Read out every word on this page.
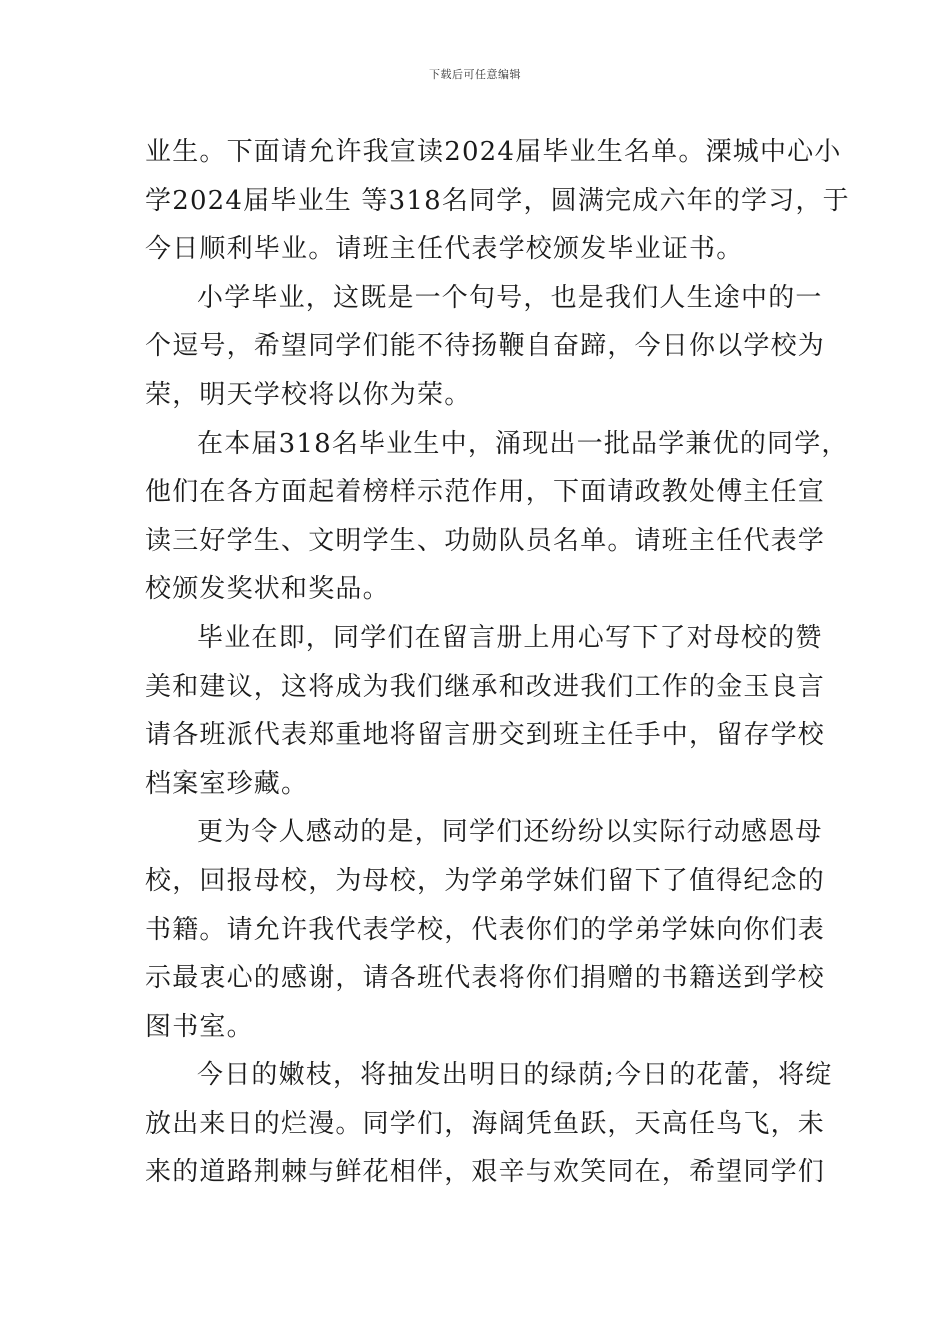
下载后可任意编辑
业生。下面请允许我宣读2024届毕业生名单。溧城中心小
学2024届毕业生 等318名同学，圆满完成六年的学习，于
今日顺利毕业。请班主任代表学校颁发毕业证书。
小学毕业，这既是一个句号，也是我们人生途中的一
个逗号，希望同学们能不待扬鞭自奋蹄，今日你以学校为
荣，明天学校将以你为荣。
在本届318名毕业生中，涌现出一批品学兼优的同学，
他们在各方面起着榜样示范作用，下面请政教处傅主任宣
读三好学生、文明学生、功勋队员名单。请班主任代表学
校颁发奖状和奖品。
毕业在即，同学们在留言册上用心写下了对母校的赞
美和建议，这将成为我们继承和改进我们工作的金玉良言
请各班派代表郑重地将留言册交到班主任手中，留存学校
档案室珍藏。
更为令人感动的是，同学们还纷纷以实际行动感恩母
校，回报母校，为母校，为学弟学妹们留下了值得纪念的
书籍。请允许我代表学校，代表你们的学弟学妹向你们表
示最衷心的感谢，请各班代表将你们捐赠的书籍送到学校
图书室。
今日的嫩枝，将抽发出明日的绿荫;今日的花蕾，将绽
放出来日的烂漫。同学们，海阔凭鱼跃，天高任鸟飞，未
来的道路荆棘与鲜花相伴，艰辛与欢笑同在，希望同学们
